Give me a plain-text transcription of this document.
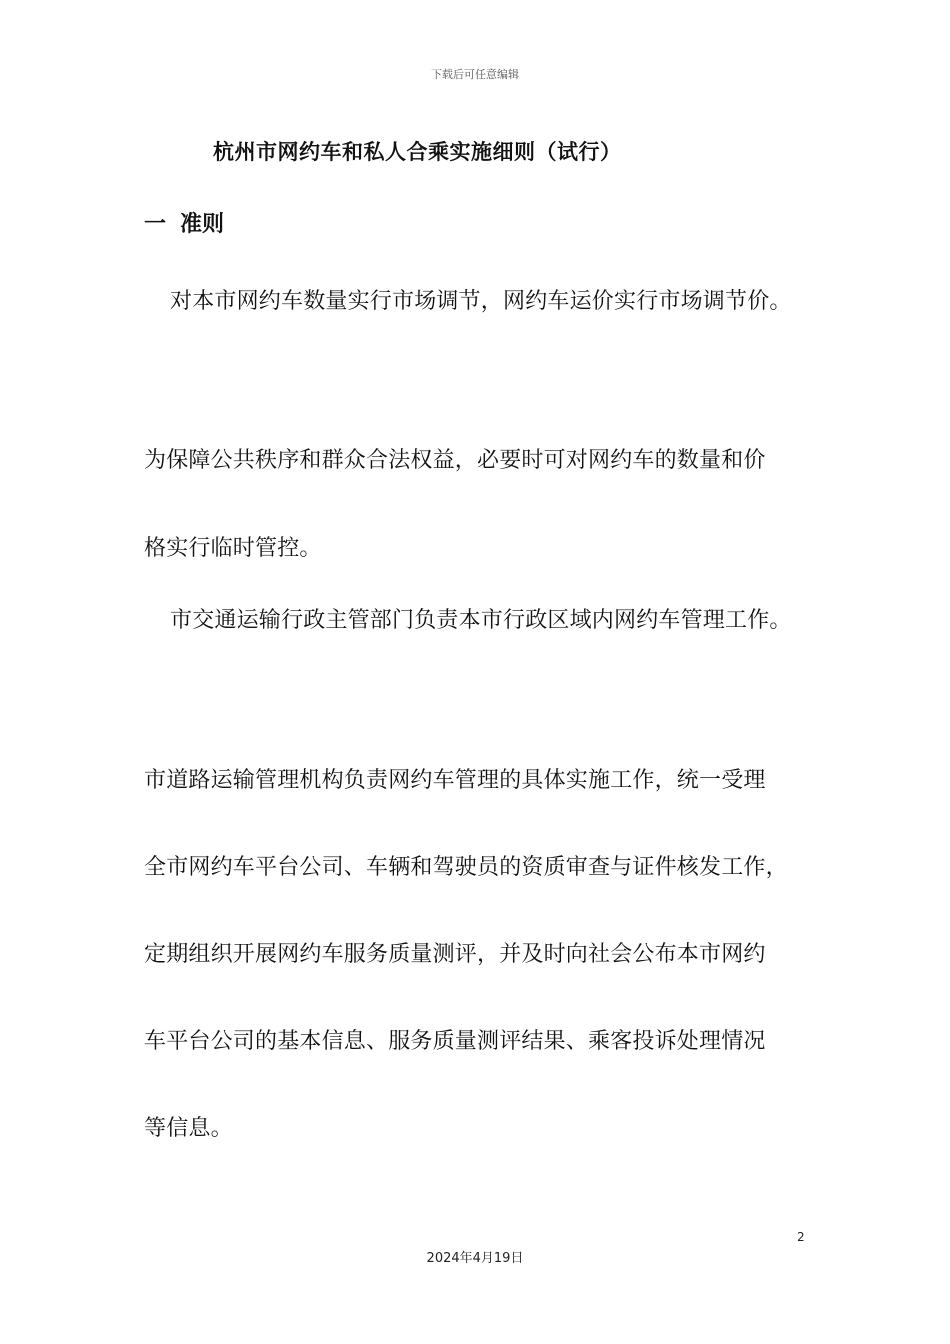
下载后可任意编辑
杭州市网约车和私人合乘实施细则（试行）
一 准则
对本市网约车数量实行市场调节，网约车运价实行市场调节价。
为保障公共秩序和群众合法权益，必要时可对网约车的数量和价
格实行临时管控。
市交通运输行政主管部门负责本市行政区域内网约车管理工作。
市道路运输管理机构负责网约车管理的具体实施工作，统一受理
全市网约车平台公司、车辆和驾驶员的资质审查与证件核发工作，
定期组织开展网约车服务质量测评，并及时向社会公布本市网约
车平台公司的基本信息、服务质量测评结果、乘客投诉处理情况
等信息。
2
2024年4月19日
